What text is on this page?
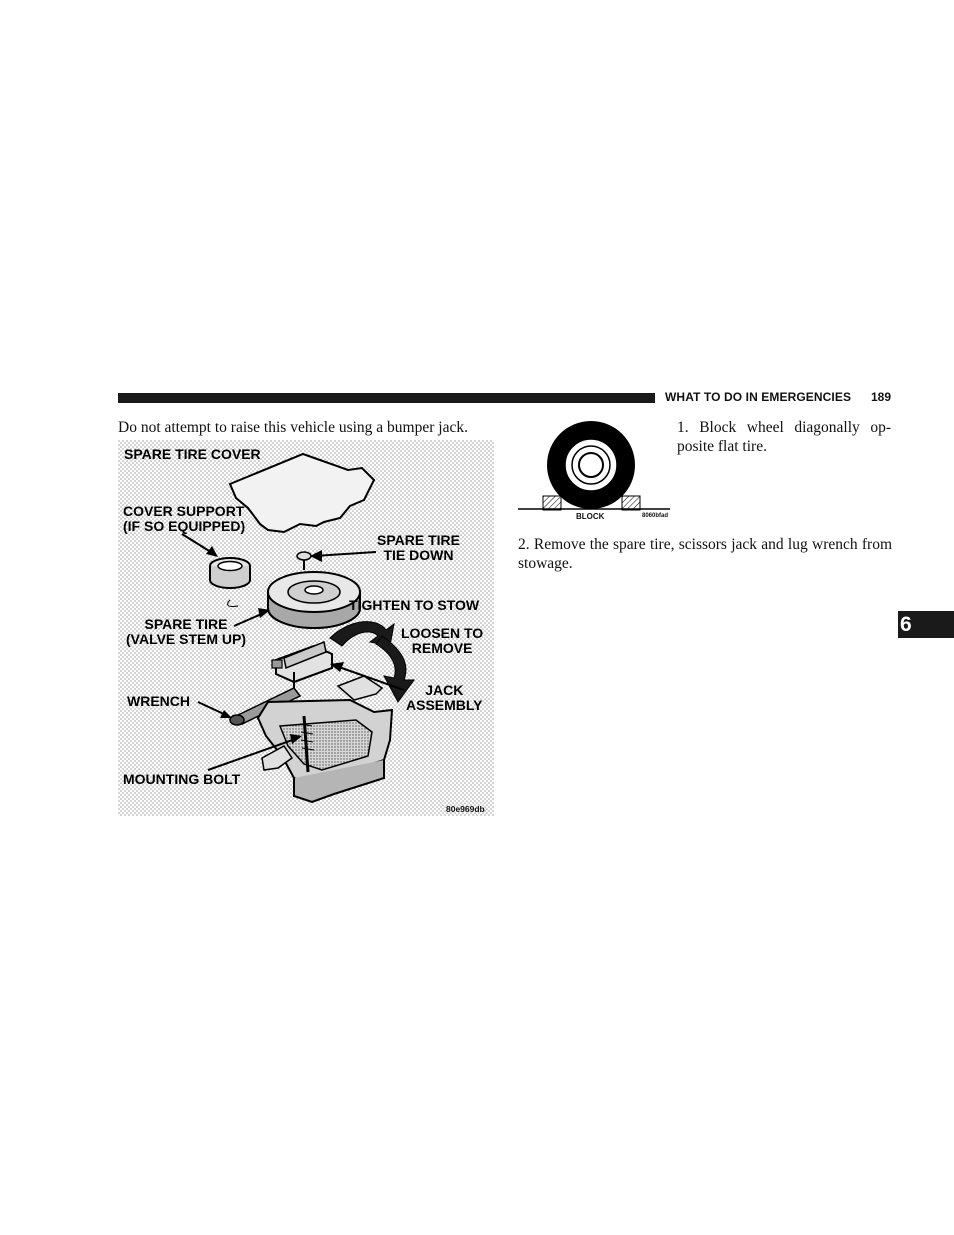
WHAT TO DO IN EMERGENCIES 189
Do not attempt to raise this vehicle using a bumper jack.
SPARE TIRE COVER
COVER SUPPORT
(IF SO EQUIPPED)
SPARE TIRE
TIE DOWN
TIGHTEN TO STOW
SPARE TIRE
(VALVE STEM UP)	LOOSEN TO
REMOVE
JACK
ASSEMBLY
WRENCH
MOUNTING BOLT
80e969db
BLOCK	8060bfad
1. Block wheel diagonally op- posite flat tire.
2. Remove the spare tire, scissors jack and lug wrench from stowage.
6
